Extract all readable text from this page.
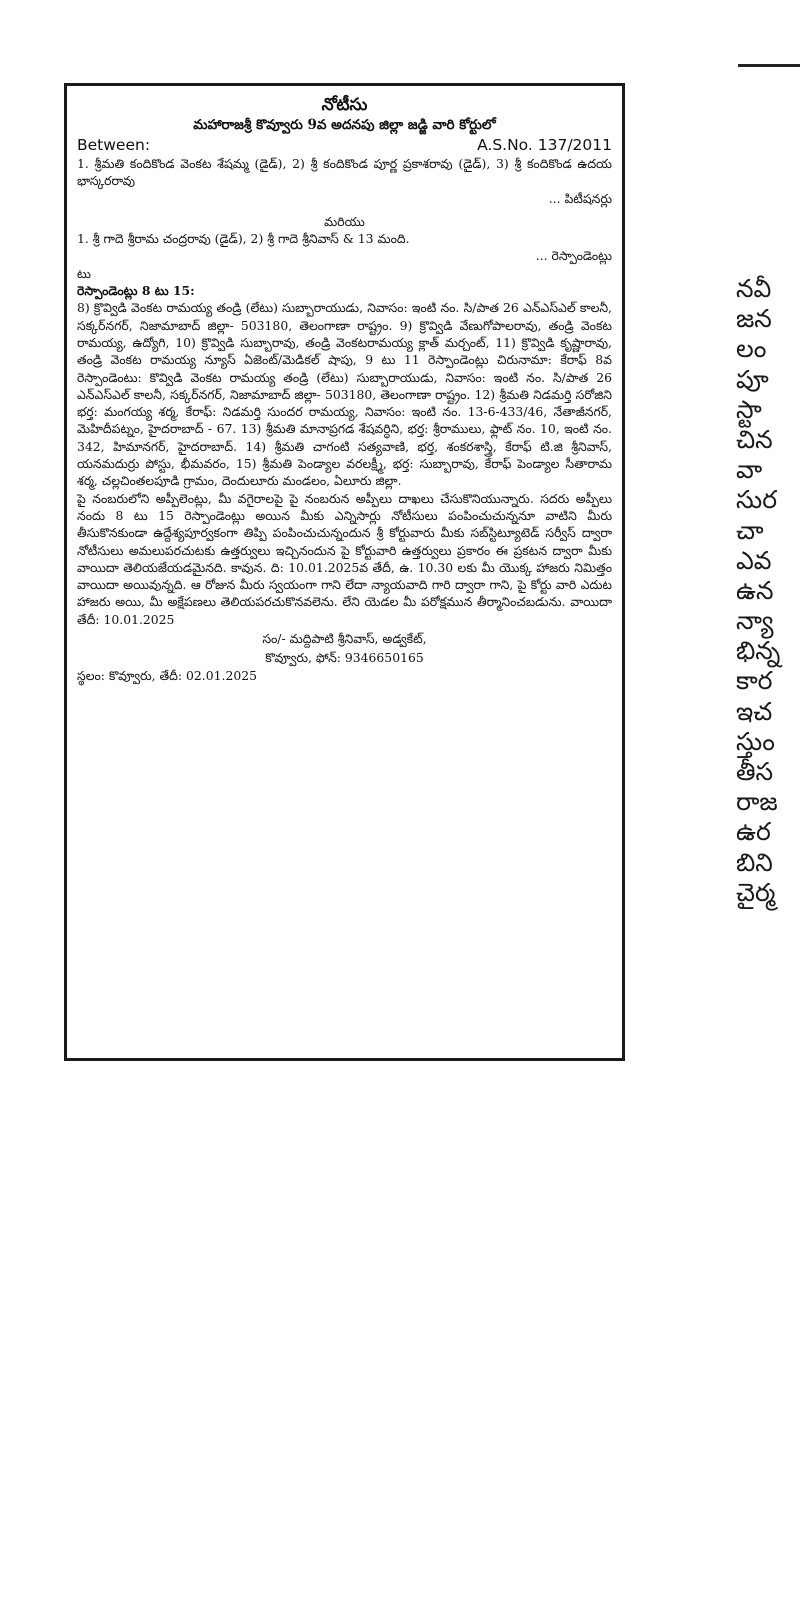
నోటీసు
మహారాజశ్రీ కొవ్వూరు 9వ అదనపు జిల్లా జడ్జి వారి కోర్టులో
Between:	A.S.No. 137/2011

1. శ్రీమతి కందికొండ వెంకట శేషమ్మ (డైడ్), 2) శ్రీ కందికొండ పూర్ణ ప్రకాశరావు (డైడ్), 3) శ్రీ కందికొండ ఉదయ భాస్కరరావు

... పిటీషనర్లు
మరియు

1. శ్రీ గాదె శ్రీరామ చంద్రరావు (డైడ్), 2) శ్రీ గాదె శ్రీనివాస్ & 13 మంది.

... రెస్పాండెంట్లు
టు
రెస్పాండెంట్లు 8 టు 15:

8) క్రొవ్విడి వెంకట రామయ్య తండ్రి (లేటు) సుబ్బారాయుడు, నివాసం: ఇంటి నం. సి/పాత 26 ఎన్ఎస్ఎల్ కాలనీ, సక్కర్‌నగర్, నిజామాబాద్ జిల్లా- 503180, తెలంగాణా రాష్ట్రం. 9) క్రొవ్విడి వేణుగోపాలరావు, తండ్రి వెంకట రామయ్య, ఉద్యోగి, 10) క్రొవ్విడి సుబ్బారావు, తండ్రి వెంకటరామయ్య క్లాత్ మర్చంట్, 11) క్రొవ్విడి కృష్ణారావు, తండ్రి వెంకట రామయ్య న్యూస్ ఏజెంట్/మెడికల్ షాపు, 9 టు 11 రెస్పాండెంట్లు చిరునామా: కేరాఫ్ 8వ రెస్పాండెంటు: కొవ్విడి వెంకట రామయ్య తండ్రి (లేటు) సుబ్బారాయుడు, నివాసం: ఇంటి నం. సి/పాత 26 ఎన్ఎస్ఎల్ కాలనీ, సక్కర్‌నగర్, నిజామాబాద్ జిల్లా- 503180, తెలంగాణా రాష్ట్రం. 12) శ్రీమతి నిడమర్తి సరోజిని భర్త: మంగయ్య శర్మ, కేరాఫ్: నిడమర్తి సుందర రామయ్య, నివాసం: ఇంటి నం. 13-6-433/46, నేతాజీనగర్, మెహిదీపట్నం, హైదరాబాద్ - 67. 13) శ్రీమతి మానాప్రగడ శేషవర్ధిని, భర్త: శ్రీరాములు, ఫ్లాట్ నం. 10, ఇంటి నం. 342, హిమానగర్, హైదరాబాద్. 14) శ్రీమతి చాగంటి సత్యవాణి, భర్త, శంకరశాస్త్రి, కేరాఫ్ టి.జి శ్రీనివాస్, యనమదుర్రు పోస్టు, భీమవరం, 15) శ్రీమతి పెండ్యాల వరలక్ష్మీ, భర్త: సుబ్బారావు, కేరాఫ్ పెండ్యాల సీతారామ శర్మ, చల్లచింతలపూడి గ్రామం, దెందులూరు మండలం, ఏలూరు జిల్లా.

పై నంబరులోని అప్పీలెంట్లు, మీ వగైరాలపై పై నంబరున అప్పీలు దాఖలు చేసుకొనియున్నారు. సదరు అప్పీలు నందు 8 టు 15 రెస్పాండెంట్లు అయిన మీకు ఎన్నిసార్లు నోటీసులు పంపించుచున్ననూ వాటిని మీరు తీసుకొనకుండా ఉద్దేశ్యపూర్వకంగా తిప్పి పంపించుచున్నందున శ్రీ కోర్టువారు మీకు సబ్‌స్టిట్యూటెడ్ సర్వీస్ ద్వారా నోటీసులు అమలుపరచుటకు ఉత్తర్వులు ఇచ్చినందున పై కోర్టువారి ఉత్తర్వులు ప్రకారం ఈ ప్రకటన ద్వారా మీకు వాయిదా తెలియజేయడమైనది. కావున. ది: 10.01.2025వ తేదీ, ఉ. 10.30 లకు మీ యొక్క హాజరు నిమిత్తం వాయిదా అయివున్నది. ఆ రోజున మీరు స్వయంగా గాని లేదా న్యాయవాది గారి ద్వారా గాని, పై కోర్టు వారి ఎదుట హాజరు అయి, మీ అక్షేపణలు తెలియపరచుకొనవలెను. లేని యెడల మీ పరోక్షమున తీర్మానించబడును. వాయిదా తేదీ: 10.01.2025

సం/- మద్దిపాటి శ్రీనివాస్, అడ్వకేట్,
కొవ్వూరు, ఫోన్: 9346650165
స్థలం: కొవ్వూరు, తేదీ: 02.01.2025
నవీ
జన
లం
పూ
స్టా
చిన
వా
సుర
చా
ఎవ
ఉన
న్యా
భిన్న
కార
ఇచ
స్తుం
తీస
రాజ
ఉర
బిని
చైర్మ
